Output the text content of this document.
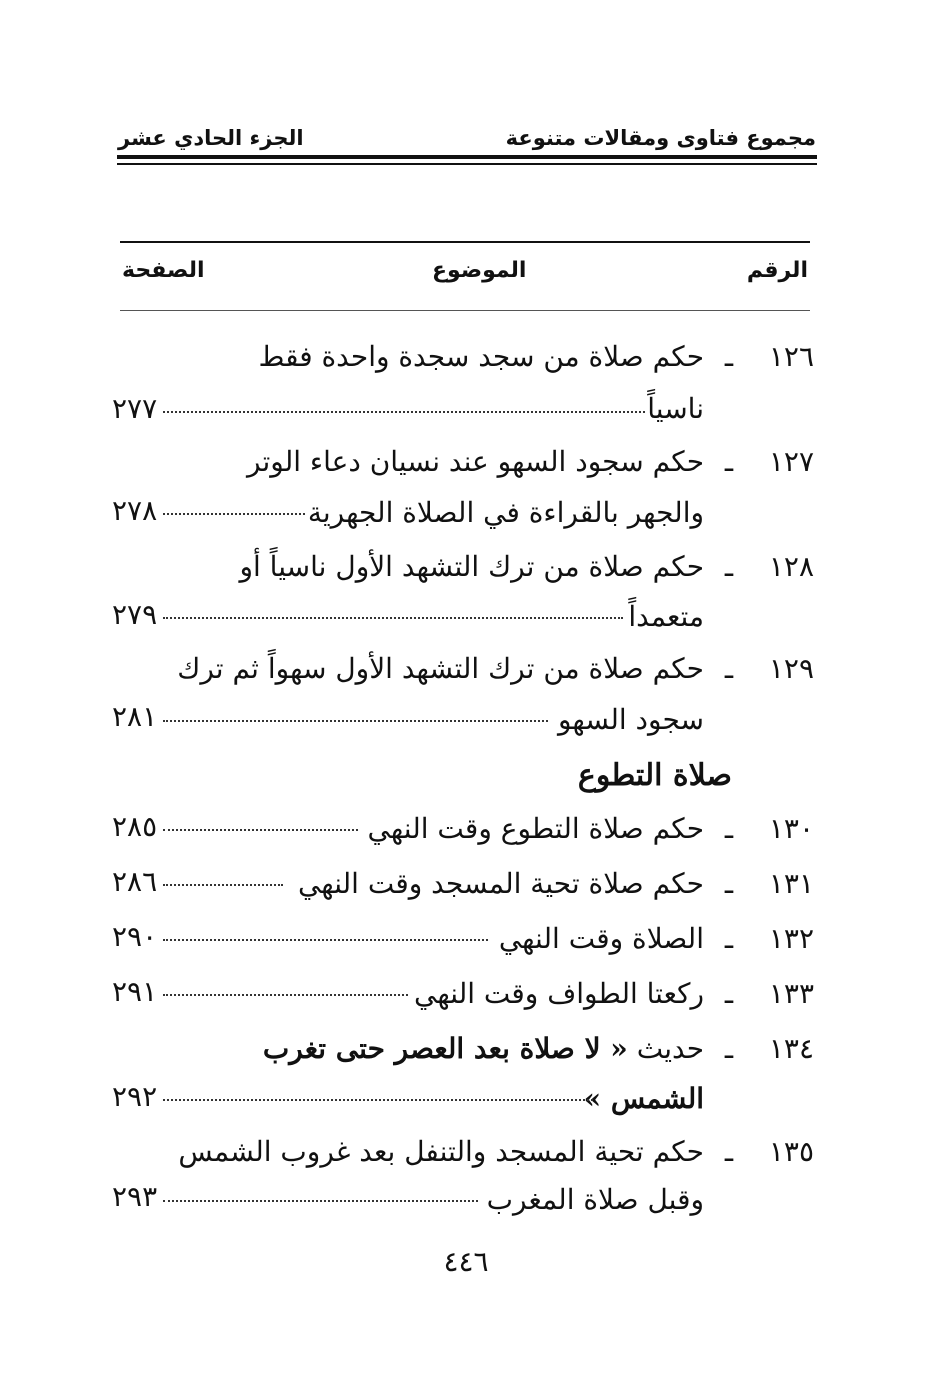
مجموع فتاوى ومقالات متنوعة
الجزء الحادي عشر
الرقم
الموضوع
الصفحة
١٢٦ـحكم صلاة من سجد سجدة واحدة فقط
ناسياً
٢٧٧
١٢٧ـحكم سجود السهو عند نسيان دعاء الوتر
والجهر بالقراءة في الصلاة الجهرية
٢٧٨
١٢٨ـحكم صلاة من ترك التشهد الأول ناسياً أو
متعمداً
٢٧٩
١٢٩ـحكم صلاة من ترك التشهد الأول سهواً ثم ترك
سجود السهو
٢٨١
صلاة التطوع
١٣٠ـحكم صلاة التطوع وقت النهي
٢٨٥
١٣١ـحكم صلاة تحية المسجد وقت النهي
٢٨٦
١٣٢ـالصلاة وقت النهي
٢٩٠
١٣٣ـركعتا الطواف وقت النهي
٢٩١
١٣٤ـحديث « لا صلاة بعد العصر حتى تغرب
الشمس »
٢٩٢
١٣٥ـحكم تحية المسجد والتنفل بعد غروب الشمس
وقبل صلاة المغرب
٢٩٣
٤٤٦
